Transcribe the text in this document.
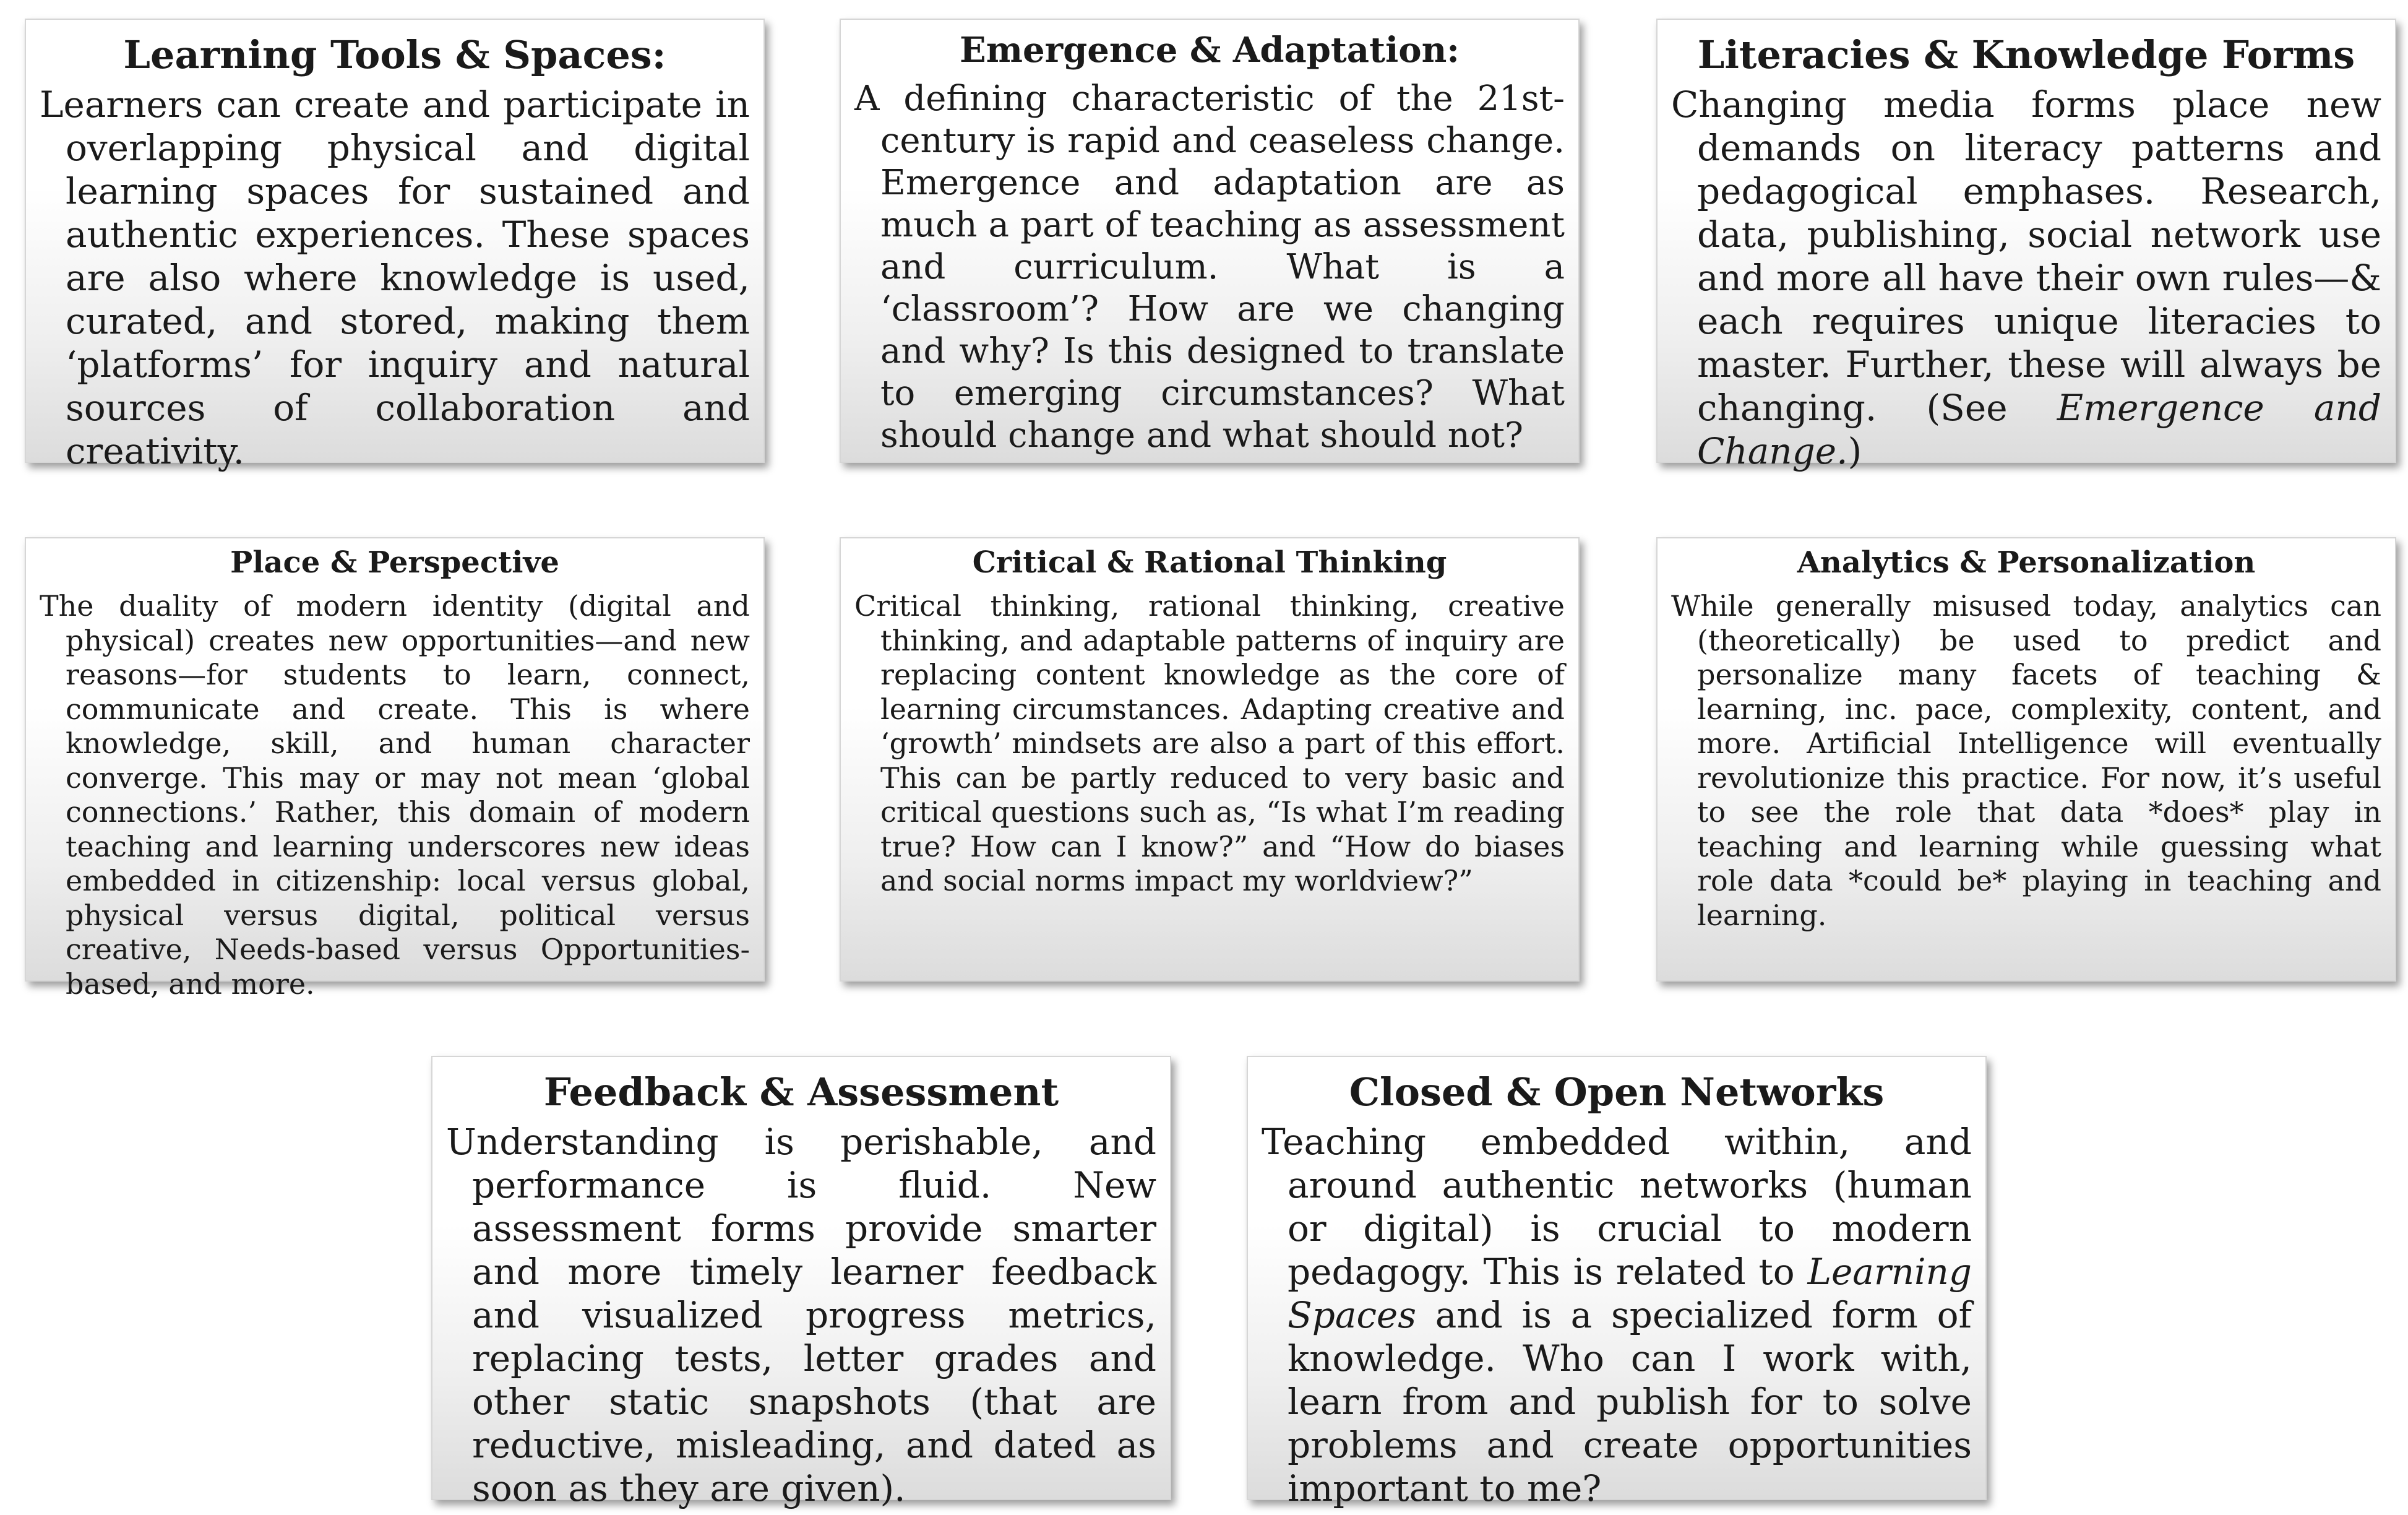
Learning Tools & Spaces:

Learners can create and participate in overlapping physical and digital learning spaces for sustained and authentic experiences. These spaces are also where knowledge is used, curated, and stored, making them ‘platforms’ for inquiry and natural sources of collaboration and creativity.

Emergence & Adaptation:

A defining characteristic of the 21st-century is rapid and ceaseless change. Emergence and adaptation are as much a part of teaching as assessment and curriculum. What is a ‘classroom’? How are we changing and why? Is this designed to translate to emerging circumstances? What should change and what should not?

Literacies & Knowledge Forms

Changing media forms place new demands on literacy patterns and pedagogical emphases. Research, data, publishing, social network use and more all have their own rules—& each requires unique literacies to master. Further, these will always be changing. (See Emergence and Change.)

Place & Perspective

The duality of modern identity (digital and physical) creates new opportunities—and new reasons—for students to learn, connect, communicate and create. This is where knowledge, skill, and human character converge. This may or may not mean ‘global connections.’ Rather, this domain of modern teaching and learning underscores new ideas embedded in citizenship: local versus global, physical versus digital, political versus creative, Needs-based versus Opportunities-based, and more.

Critical & Rational Thinking

Critical thinking, rational thinking, creative thinking, and adaptable patterns of inquiry are replacing content knowledge as the core of learning circumstances. Adapting creative and ‘growth’ mindsets are also a part of this effort. This can be partly reduced to very basic and critical questions such as, “Is what I’m reading true? How can I know?” and “How do biases and social norms impact my worldview?”

Analytics & Personalization

While generally misused today, analytics can (theoretically) be used to predict and personalize many facets of teaching & learning, inc. pace, complexity, content, and more. Artificial Intelligence will eventually revolutionize this practice. For now, it’s useful to see the role that data *does* play in teaching and learning while guessing what role data *could be* playing in teaching and learning.

Feedback & Assessment

Understanding is perishable, and performance is fluid. New assessment forms provide smarter and more timely learner feedback and visualized progress metrics, replacing tests, letter grades and other static snapshots (that are reductive, misleading, and dated as soon as they are given).

Closed & Open Networks

Teaching embedded within, and around authentic networks (human or digital) is crucial to modern pedagogy. This is related to Learning Spaces and is a specialized form of knowledge. Who can I work with, learn from and publish for to solve problems and create opportunities important to me?
